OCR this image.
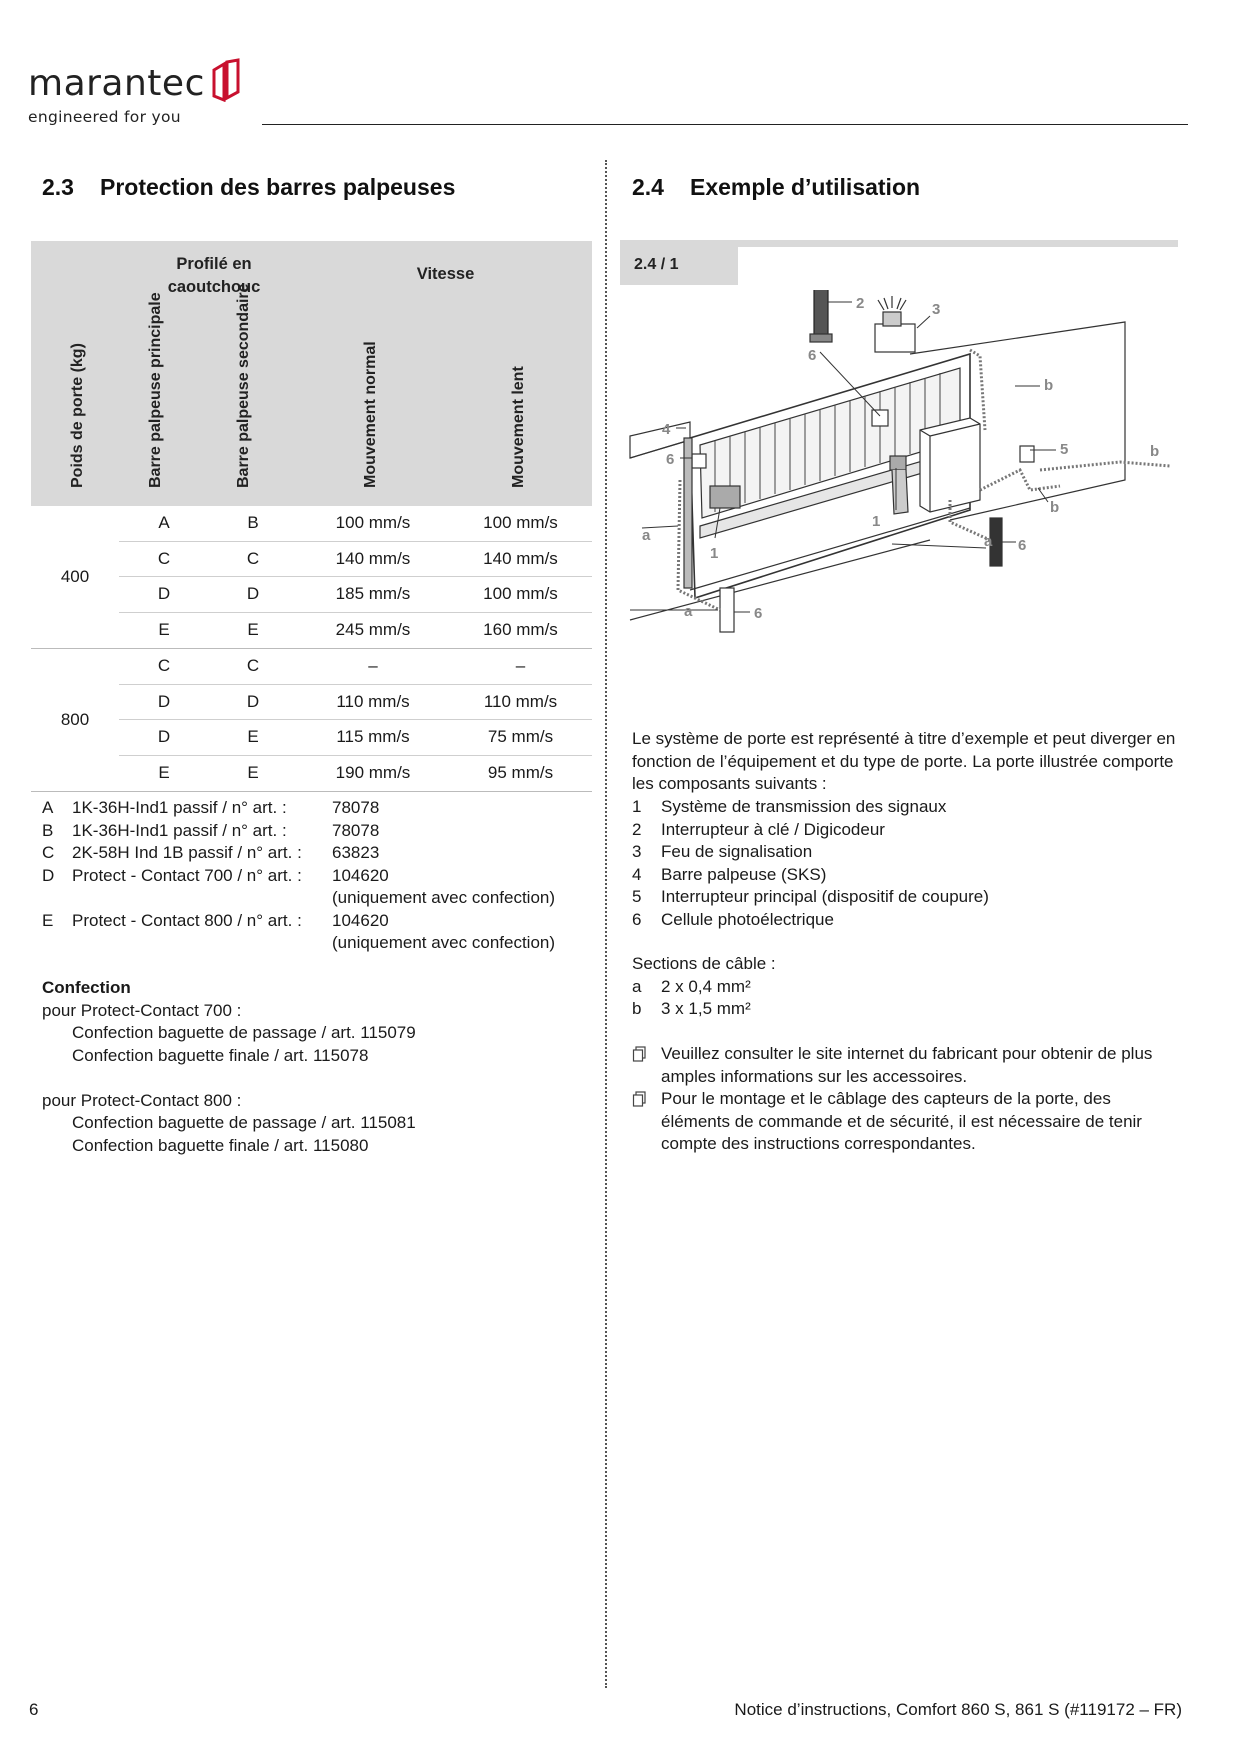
marantec
engineered for you
2.3 Protection des barres palpeuses
Profilé en caoutchouc
Vitesse
Poids de porte (kg)	Barre palpeuse principale	Barre palpeuse secondaire	Mouvement normal	Mouvement lent
400
A	B	100 mm/s	100 mm/s
C	C	140 mm/s	140 mm/s
D	D	185 mm/s	100 mm/s
E	E	245 mm/s	160 mm/s
800
C	C	–	–
D	D	110 mm/s	110 mm/s
D	E	115 mm/s	75 mm/s
E	E	190 mm/s	95 mm/s
A	1K-36H-Ind1 passif / n° art. :	78078
B	1K-36H-Ind1 passif / n° art. :	78078
C	2K-58H Ind 1B passif / n° art. :	63823
D	Protect - Contact 700 / n° art. :	104620
(uniquement avec confection)
E	Protect - Contact 800 / n° art. :	104620
(uniquement avec confection)
Confection
pour Protect-Contact 700 :
Confection baguette de passage / art. 115079
Confection baguette finale / art. 115078
pour Protect-Contact 800 :
Confection baguette de passage / art. 115081
Confection baguette finale / art. 115080
2.4 Exemple d’utilisation
2.4 / 1
2	3
6
4
6
1
1
b
5	b
b
a	a 6
a	6
Le système de porte est représenté à titre d’exemple et peut diverger en fonction de l’équipement et du type de porte. La porte illustrée comporte les composants suivants :
1	Système de transmission des signaux
2	Interrupteur à clé / Digicodeur
3	Feu de signalisation
4	Barre palpeuse (SKS)
5	Interrupteur principal (dispositif de coupure)
6	Cellule photoélectrique
Sections de câble :
a	2 x 0,4 mm²
b	3 x 1,5 mm²
Veuillez consulter le site internet du fabricant pour obtenir de plus amples informations sur les accessoires.
Pour le montage et le câblage des capteurs de la porte, des éléments de commande et de sécurité, il est nécessaire de tenir compte des instructions correspondantes.
6	Notice d’instructions, Comfort 860 S, 861 S (#119172 – FR)
